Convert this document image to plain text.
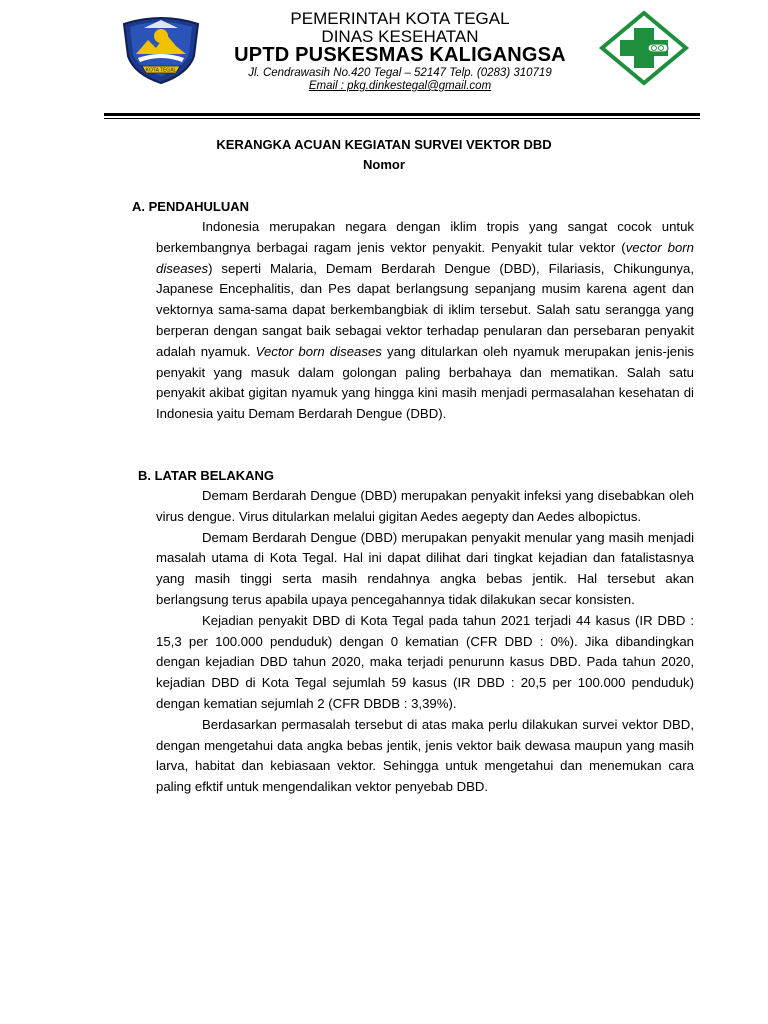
KOTA TEGAL
PEMERINTAH KOTA TEGAL
DINAS KESEHATAN
UPTD PUSKESMAS KALIGANGSA
Jl. Cendrawasih No.420 Tegal – 52147 Telp. (0283) 310719
Email : pkg.dinkestegal@gmail.com
KERANGKA ACUAN KEGIATAN SURVEI VEKTOR DBD
Nomor
A. PENDAHULUAN

Indonesia merupakan negara dengan iklim tropis yang sangat cocok untuk berkembangnya berbagai ragam jenis vektor penyakit. Penyakit tular vektor (vector born diseases) seperti Malaria, Demam Berdarah Dengue (DBD), Filariasis, Chikungunya, Japanese Encephalitis, dan Pes dapat berlangsung sepanjang musim karena agent dan vektornya sama-sama dapat berkembangbiak di iklim tersebut. Salah satu serangga yang berperan dengan sangat baik sebagai vektor terhadap penularan dan persebaran penyakit adalah nyamuk. Vector born diseases yang ditularkan oleh nyamuk merupakan jenis-jenis penyakit yang masuk dalam golongan paling berbahaya dan mematikan. Salah satu penyakit akibat gigitan nyamuk yang hingga kini masih menjadi permasalahan kesehatan di Indonesia yaitu Demam Berdarah Dengue (DBD).

B. LATAR BELAKANG

Demam Berdarah Dengue (DBD) merupakan penyakit infeksi yang disebabkan oleh virus dengue. Virus ditularkan melalui gigitan Aedes aegepty dan Aedes albopictus.

Demam Berdarah Dengue (DBD) merupakan penyakit menular yang masih menjadi masalah utama di Kota Tegal. Hal ini dapat dilihat dari tingkat kejadian dan fatalistasnya yang masih tinggi serta masih rendahnya angka bebas jentik. Hal tersebut akan berlangsung terus apabila upaya pencegahannya tidak dilakukan secar konsisten.

Kejadian penyakit DBD di Kota Tegal pada tahun 2021 terjadi 44 kasus (IR DBD : 15,3 per 100.000 penduduk) dengan 0 kematian (CFR DBD : 0%). Jika dibandingkan dengan kejadian DBD tahun 2020, maka terjadi penurunn kasus DBD. Pada tahun 2020, kejadian DBD di Kota Tegal sejumlah 59 kasus (IR DBD : 20,5 per 100.000 penduduk) dengan kematian sejumlah 2 (CFR DBDB : 3,39%).

Berdasarkan permasalah tersebut di atas maka perlu dilakukan survei vektor DBD, dengan mengetahui data angka bebas jentik, jenis vektor baik dewasa maupun yang masih larva, habitat dan kebiasaan vektor. Sehingga untuk mengetahui dan menemukan cara paling efktif untuk mengendalikan vektor penyebab DBD.
